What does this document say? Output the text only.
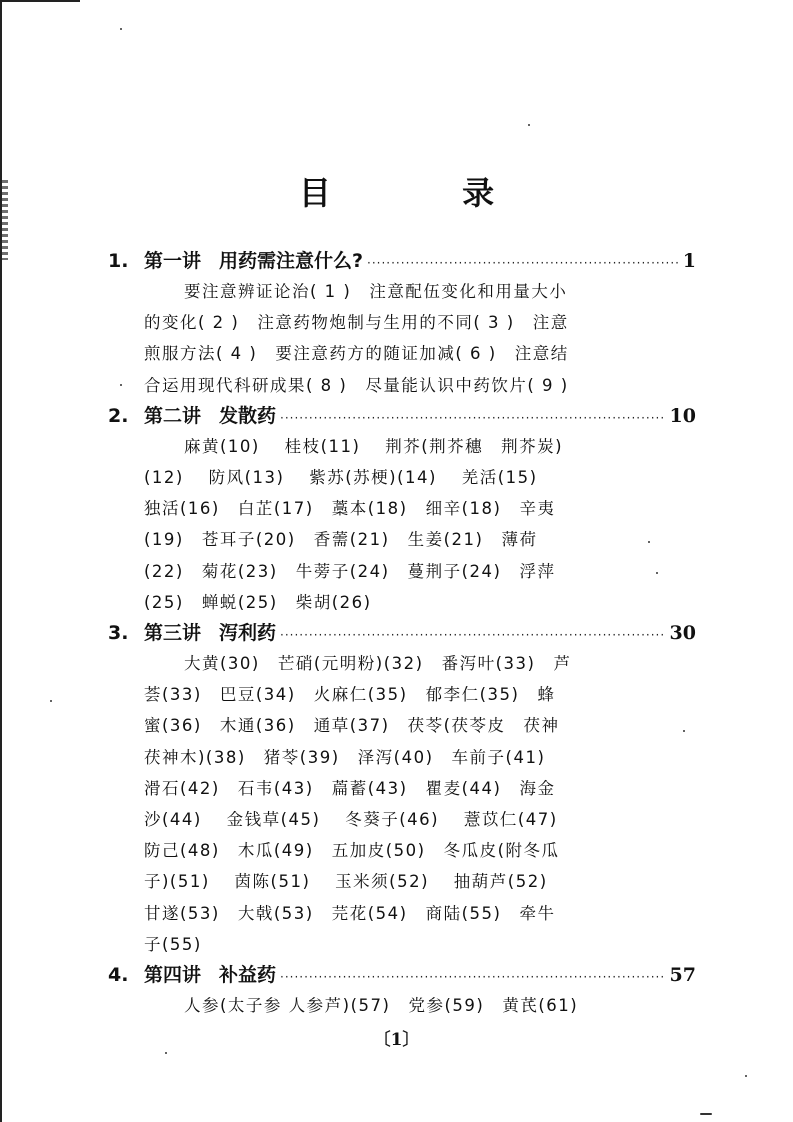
目 录
1. 第一讲 用药需注意什么? ·····	1
要注意辨证论治( 1 )　注意配伍变化和用量大小
的变化( 2 )　注意药物炮制与生用的不同( 3 )　注意
煎服方法( 4 )　要注意药方的随证加减( 6 )　注意结
合运用现代科研成果( 8 )　尽量能认识中药饮片( 9 )
2. 第二讲 发散药 ·····	10
麻黄(10)　 桂枝(11)　 荆芥(荆芥穗　荆芥炭)
(12)　 防风(13)　 紫苏(苏梗)(14)　 羌活(15)
独活(16)　白芷(17)　藁本(18)　细辛(18)　辛夷
(19)　苍耳子(20)　香薷(21)　生姜(21)　薄荷
(22)　菊花(23)　牛蒡子(24)　蔓荆子(24)　浮萍
(25)　蝉蜕(25)　柴胡(26)
3. 第三讲 泻利药 ·····	30
大黄(30)　芒硝(元明粉)(32)　番泻叶(33)　芦
荟(33)　巴豆(34)　火麻仁(35)　郁李仁(35)　蜂
蜜(36)　木通(36)　通草(37)　茯苓(茯苓皮　茯神
茯神木)(38)　猪苓(39)　泽泻(40)　车前子(41)
滑石(42)　石韦(43)　萹蓄(43)　瞿麦(44)　海金
沙(44)　 金钱草(45)　 冬葵子(46)　 薏苡仁(47)
防己(48)　木瓜(49)　五加皮(50)　冬瓜皮(附冬瓜
子)(51)　 茵陈(51)　 玉米须(52)　 抽葫芦(52)
甘遂(53)　大戟(53)　芫花(54)　商陆(55)　牵牛
子(55)
4. 第四讲 补益药 ·····	57
人参(太子参 人参芦)(57)　党参(59)　黄芪(61)
〔1〕
